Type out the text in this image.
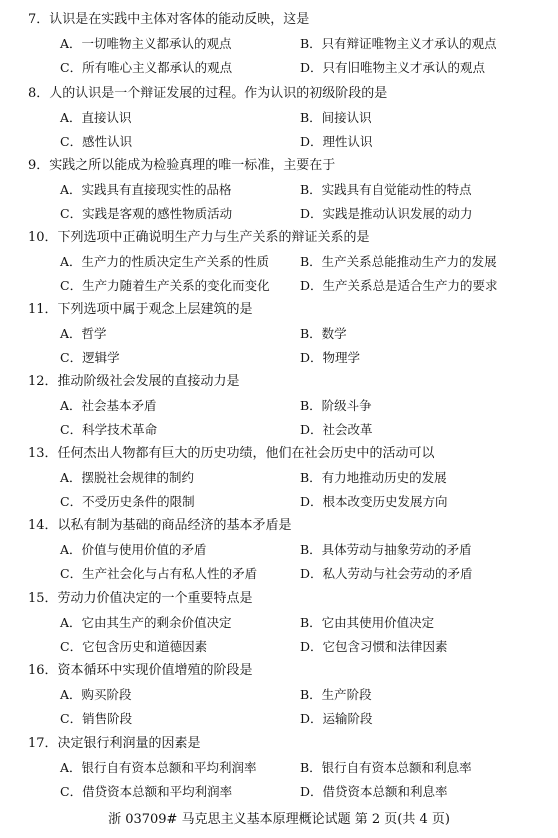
7．认识是在实践中主体对客体的能动反映，这是
A．一切唯物主义都承认的观点	B．只有辩证唯物主义才承认的观点
C．所有唯心主义都承认的观点	D．只有旧唯物主义才承认的观点
8．人的认识是一个辩证发展的过程。作为认识的初级阶段的是
A．直接认识	B．间接认识
C．感性认识	D．理性认识
9．实践之所以能成为检验真理的唯一标准，主要在于
A．实践具有直接现实性的品格	B．实践具有自觉能动性的特点
C．实践是客观的感性物质活动	D．实践是推动认识发展的动力
10．下列选项中正确说明生产力与生产关系的辩证关系的是
A．生产力的性质决定生产关系的性质 B．生产关系总能推动生产力的发展
C．生产力随着生产关系的变化而变化 D．生产关系总是适合生产力的要求
11．下列选项中属于观念上层建筑的是
A．哲学	B．数学
C．逻辑学	D．物理学
12．推动阶级社会发展的直接动力是
A．社会基本矛盾	B．阶级斗争
C．科学技术革命	D．社会改革
13．任何杰出人物都有巨大的历史功绩，他们在社会历史中的活动可以
A．摆脱社会规律的制约	B．有力地推动历史的发展
C．不受历史条件的限制	D．根本改变历史发展方向
14．以私有制为基础的商品经济的基本矛盾是
A．价值与使用价值的矛盾	B．具体劳动与抽象劳动的矛盾
C．生产社会化与占有私人性的矛盾	D．私人劳动与社会劳动的矛盾
15．劳动力价值决定的一个重要特点是
A．它由其生产的剩余价值决定	B．它由其使用价值决定
C．它包含历史和道德因素	D．它包含习惯和法律因素
16．资本循环中实现价值增殖的阶段是
A．购买阶段	B．生产阶段
C．销售阶段	D．运输阶段
17．决定银行利润量的因素是
A．银行自有资本总额和平均利润率	B．银行自有资本总额和利息率
C．借贷资本总额和平均利润率	D．借贷资本总额和利息率
浙 03709# 马克思主义基本原理概论试题 第 2 页(共 4 页)
